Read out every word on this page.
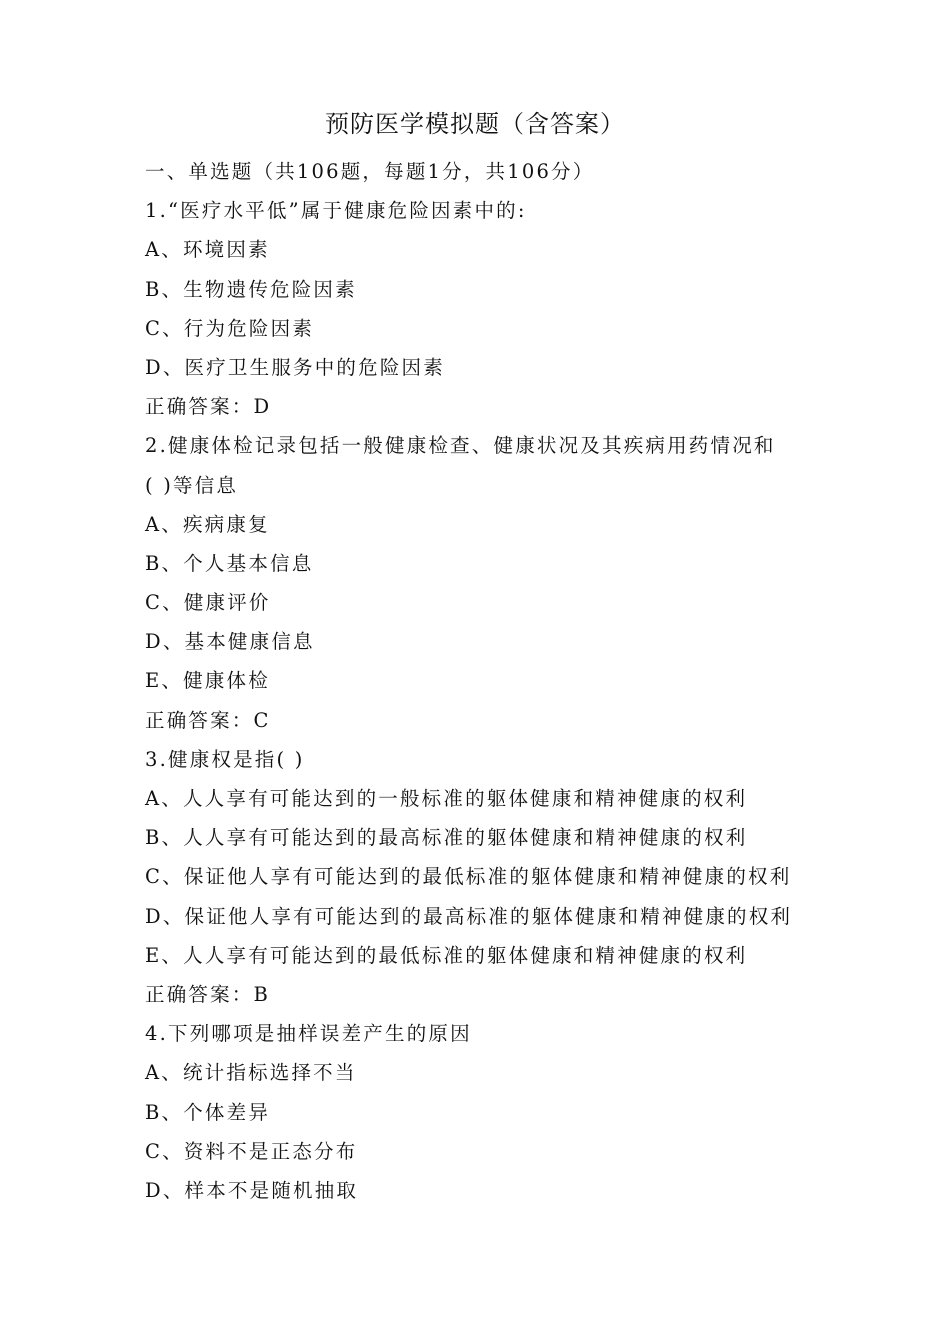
预防医学模拟题（含答案）
一、单选题（共106题，每题1分，共106分）
1.“医疗水平低”属于健康危险因素中的:
A、环境因素
B、生物遗传危险因素
C、行为危险因素
D、医疗卫生服务中的危险因素
正确答案：D
2.健康体检记录包括一般健康检查、健康状况及其疾病用药情况和
( )等信息
A、疾病康复
B、个人基本信息
C、健康评价
D、基本健康信息
E、健康体检
正确答案：C
3.健康权是指( )
A、人人享有可能达到的一般标准的躯体健康和精神健康的权利
B、人人享有可能达到的最高标准的躯体健康和精神健康的权利
C、保证他人享有可能达到的最低标准的躯体健康和精神健康的权利
D、保证他人享有可能达到的最高标准的躯体健康和精神健康的权利
E、人人享有可能达到的最低标准的躯体健康和精神健康的权利
正确答案：B
4.下列哪项是抽样误差产生的原因
A、统计指标选择不当
B、个体差异
C、资料不是正态分布
D、样本不是随机抽取
